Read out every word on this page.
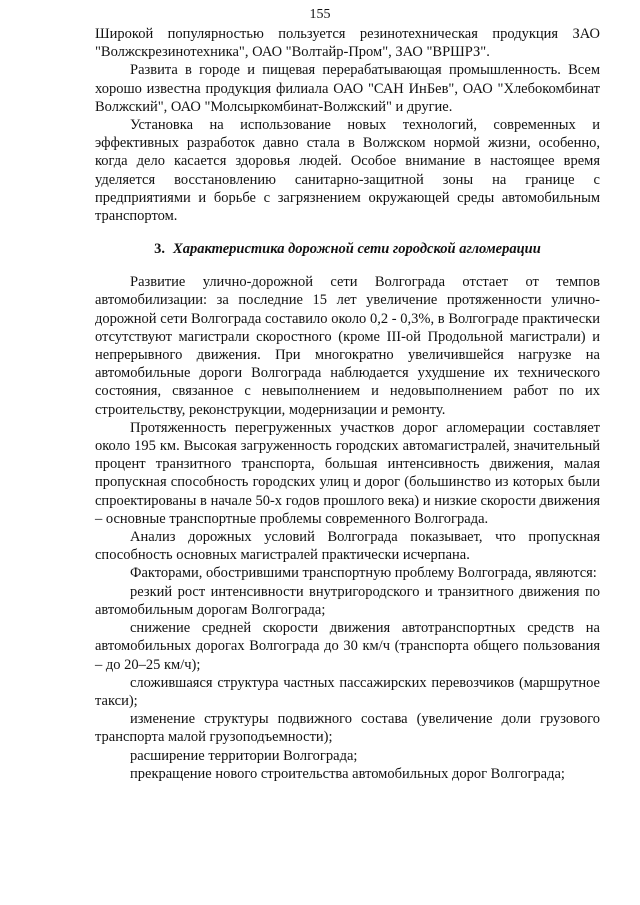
155

Широкой популярностью пользуется резинотехническая продукция ЗАО "Волжскрезинотехника", ОАО "Волтайр-Пром", ЗАО "ВРШРЗ".

Развита в городе и пищевая перерабатывающая промышленность. Всем хорошо известна продукция филиала ОАО "САН ИнБев", ОАО "Хлебокомбинат Волжский", ОАО "Молсыркомбинат-Волжский" и другие.

Установка на использование новых технологий, современных и эффективных разработок давно стала в Волжском нормой жизни, особенно, когда дело касается здоровья людей. Особое внимание в настоящее время уделяется восстановлению санитарно-защитной зоны на границе с предприятиями и борьбе с загрязнением окружающей среды автомобильным транспортом.

3. Характеристика дорожной сети городской агломерации

Развитие улично-дорожной сети Волгограда отстает от темпов автомобилизации: за последние 15 лет увеличение протяженности улично-дорожной сети Волгограда составило около 0,2 - 0,3%, в Волгограде практически отсутствуют магистрали скоростного (кроме III-ой Продольной магистрали) и непрерывного движения. При многократно увеличившейся нагрузке на автомобильные дороги Волгограда наблюдается ухудшение их технического состояния, связанное с невыполнением и недовыполнением работ по их строительству, реконструкции, модернизации и ремонту.

Протяженность перегруженных участков дорог агломерации составляет около 195 км. Высокая загруженность городских автомагистралей, значительный процент транзитного транспорта, большая интенсивность движения, малая пропускная способность городских улиц и дорог (большинство из которых были спроектированы в начале 50-х годов прошлого века) и низкие скорости движения – основные транспортные проблемы современного Волгограда.

Анализ дорожных условий Волгограда показывает, что пропускная способность основных магистралей практически исчерпана.

Факторами, обострившими транспортную проблему Волгограда, являются:

резкий рост интенсивности внутригородского и транзитного движения по автомобильным дорогам Волгограда;

снижение средней скорости движения автотранспортных средств на автомобильных дорогах Волгограда до 30 км/ч (транспорта общего пользования – до 20–25 км/ч);

сложившаяся структура частных пассажирских перевозчиков (маршрутное такси);

изменение структуры подвижного состава (увеличение доли грузового транспорта малой грузоподъемности);

расширение территории Волгограда;

прекращение нового строительства автомобильных дорог Волгограда;
